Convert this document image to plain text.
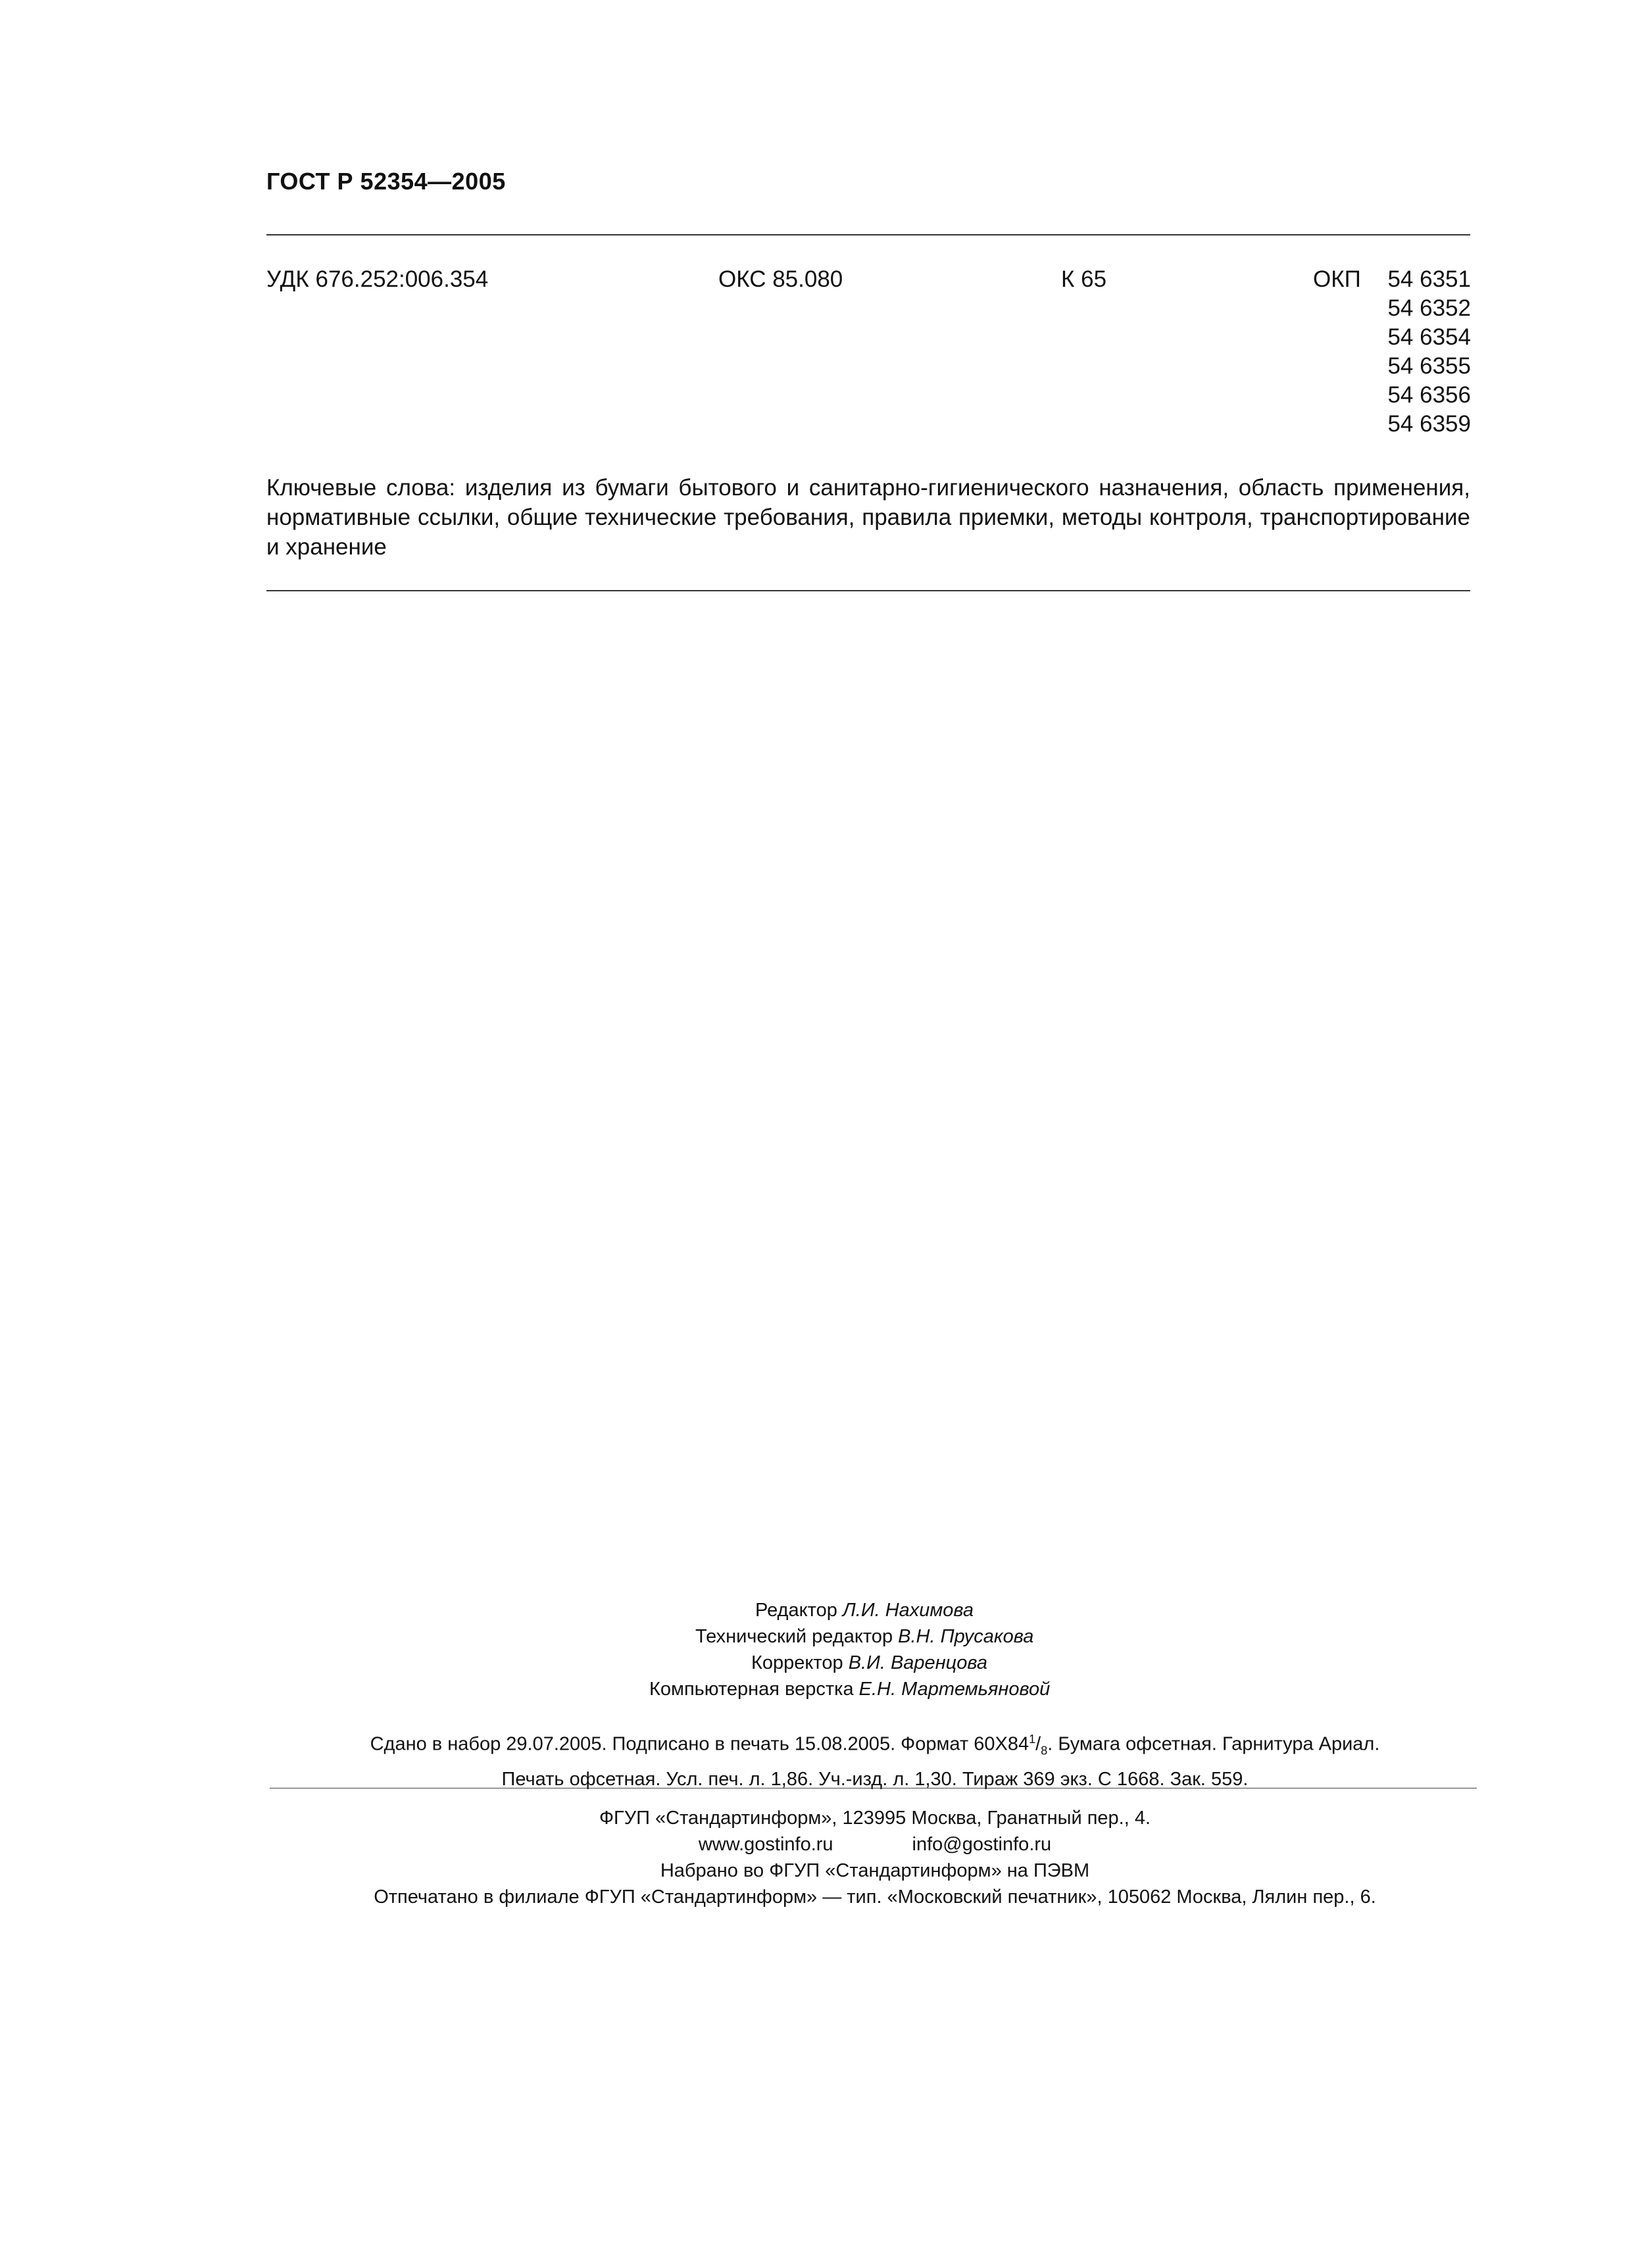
ГОСТ Р 52354—2005
УДК 676.252:006.354	ОКС 85.080	К 65	ОКП	54 6351
54 6352
54 6354
54 6355
54 6356
54 6359
Ключевые слова: изделия из бумаги бытового и санитарно-гигиенического назначения, область применения, нормативные ссылки, общие технические требования, правила приемки, методы контроля, транспортирование и хранение
Редактор Л.И. Нахимова
Технический редактор В.Н. Прусакова
Корректор В.И. Варенцова
Компьютерная верстка Е.Н. Мартемьяновой
Сдано в набор 29.07.2005. Подписано в печать 15.08.2005. Формат $60X84^1/_8$. Бумага офсетная. Гарнитура Ариал.
Печать офсетная. Усл. печ. л. 1,86. Уч.-изд. л. 1,30. Тираж 369 экз. С 1668. Зак. 559.
ФГУП «Стандартинформ», 123995 Москва, Гранатный пер., 4.
www.gostinfo.ru	info@gostinfo.ru
Набрано во ФГУП «Стандартинформ» на ПЭВМ
Отпечатано в филиале ФГУП «Стандартинформ» — тип. «Московский печатник», 105062 Москва, Лялин пер., 6.
